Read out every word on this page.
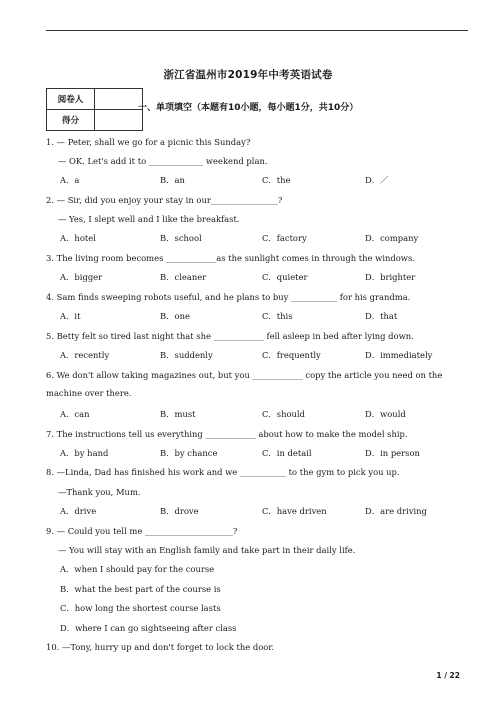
浙江省温州市2019年中考英语试卷
阅卷人	
得分	
一、单项填空（本题有10小题，每小题1分，共10分）
1. — Peter, shall we go for a picnic this Sunday?
— OK. Let's add it to _____________ weekend plan.
A．a	B．an	C．the	D．／
2. — Sir, did you enjoy your stay in our________________?
— Yes, I slept well and I like the breakfast.
A．hotel	B．school	C．factory	D．company
3. The living room becomes ____________as the sunlight comes in through the windows.
A．bigger	B．cleaner	C．quieter	D．brighter
4. Sam finds sweeping robots useful, and he plans to buy ___________ for his grandma.
A．it	B．one	C．this	D．that
5. Betty felt so tired last night that she ____________ fell asleep in bed after lying down.
A．recently	B．suddenly	C．frequently	D．immediately
6. We don't allow taking magazines out, but you ____________ copy the article you need on the machine over there.
A．can	B．must	C．should	D．would
7. The instructions tell us everything ____________ about how to make the model ship.
A．by hand	B．by chance	C．in detail	D．in person
8. —Linda, Dad has finished his work and we ___________ to the gym to pick you up.
—Thank you, Mum.
A．drive	B．drove	C．have driven	D．are driving
9. — Could you tell me _____________________?
— You will stay with an English family and take part in their daily life.
A．when I should pay for the course
B．what the best part of the course is
C．how long the shortest course lasts
D．where I can go sightseeing after class
10. —Tony, hurry up and don't forget to lock the door.
1 / 22
